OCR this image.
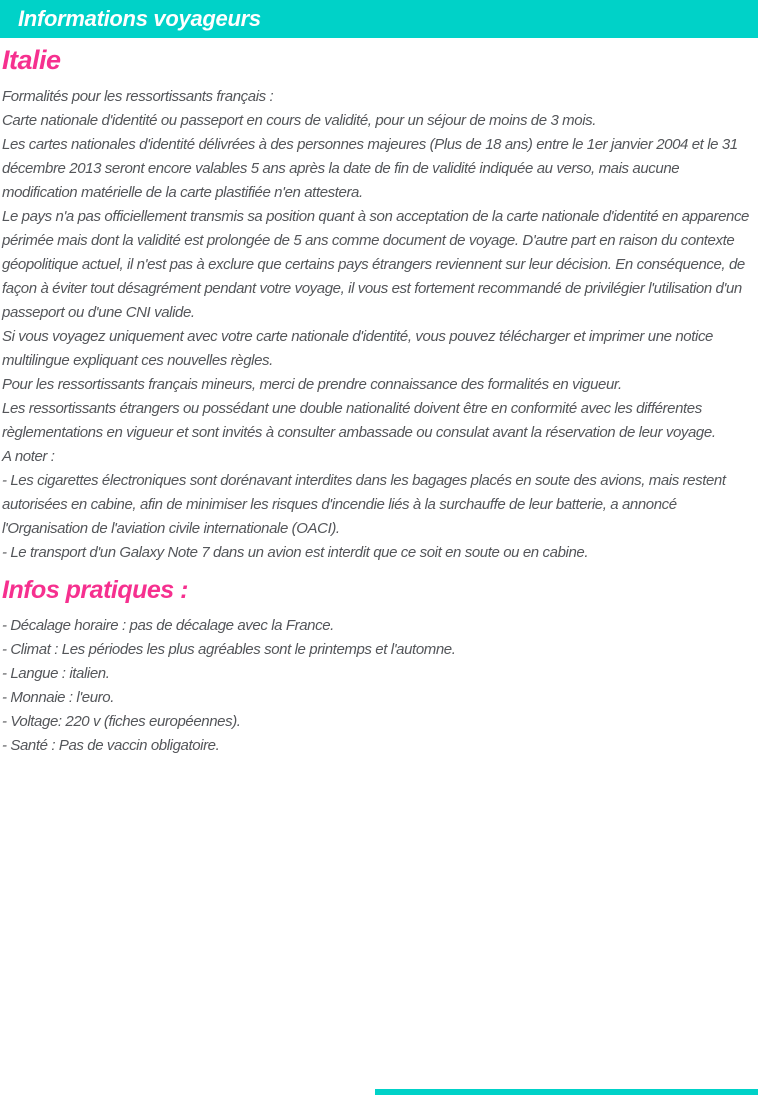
Informations voyageurs
Italie

Formalités pour les ressortissants français :

Carte nationale d'identité ou passeport en cours de validité, pour un séjour de moins de 3 mois.

Les cartes nationales d'identité délivrées à des personnes majeures (Plus de 18 ans) entre le 1er janvier 2004 et le 31 décembre 2013 seront encore valables 5 ans après la date de fin de validité indiquée au verso, mais aucune modification matérielle de la carte plastifiée n'en attestera.

Le pays n'a pas officiellement transmis sa position quant à son acceptation de la carte nationale d'identité en apparence périmée mais dont la validité est prolongée de 5 ans comme document de voyage. D'autre part en raison du contexte géopolitique actuel, il n'est pas à exclure que certains pays étrangers reviennent sur leur décision. En conséquence, de façon à éviter tout désagrément pendant votre voyage, il vous est fortement recommandé de privilégier l'utilisation d'un passeport ou d'une CNI valide.

Si vous voyagez uniquement avec votre carte nationale d'identité, vous pouvez télécharger et imprimer une notice multilingue expliquant ces nouvelles règles.

Pour les ressortissants français mineurs, merci de prendre connaissance des formalités en vigueur.

Les ressortissants étrangers ou possédant une double nationalité doivent être en conformité avec les différentes règlementations en vigueur et sont invités à consulter ambassade ou consulat avant la réservation de leur voyage.

A noter :

- Les cigarettes électroniques sont dorénavant interdites dans les bagages placés en soute des avions, mais restent autorisées en cabine, afin de minimiser les risques d'incendie liés à la surchauffe de leur batterie, a annoncé l'Organisation de l'aviation civile internationale (OACI).

- Le transport d'un Galaxy Note 7 dans un avion est interdit que ce soit en soute ou en cabine.

Infos pratiques :

- Décalage horaire : pas de décalage avec la France.

- Climat : Les périodes les plus agréables sont le printemps et l'automne.

- Langue : italien.

- Monnaie : l'euro.

- Voltage: 220 v (fiches européennes).

- Santé : Pas de vaccin obligatoire.
